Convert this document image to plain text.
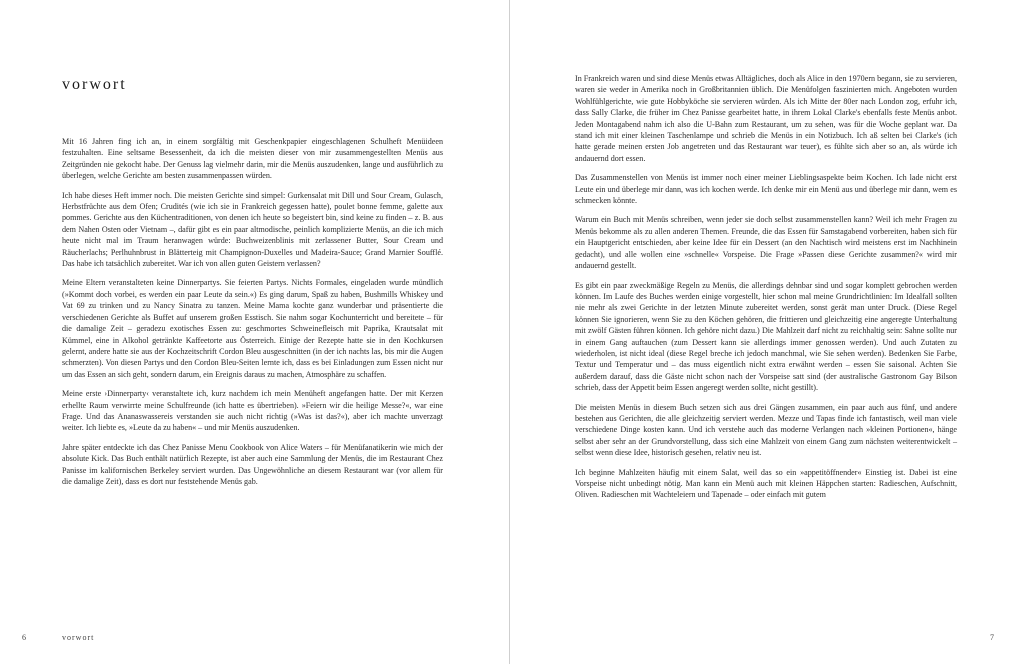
vorwort

Mit 16 Jahren fing ich an, in einem sorgfältig mit Geschenkpapier eingeschlagenen Schulheft Menüideen festzuhalten. Eine seltsame Besessenheit, da ich die meisten dieser von mir zusammengestellten Menüs aus Zeitgründen nie gekocht habe. Der Genuss lag vielmehr darin, mir die Menüs auszudenken, lange und ausführlich zu überlegen, welche Gerichte am besten zusammenpassen würden.

Ich habe dieses Heft immer noch. Die meisten Gerichte sind simpel: Gurkensalat mit Dill und Sour Cream, Gulasch, Herbstfrüchte aus dem Ofen; Crudités (wie ich sie in Frankreich gegessen hatte), poulet bonne femme, galette aux pommes. Gerichte aus den Küchentraditionen, von denen ich heute so begeistert bin, sind keine zu finden – z. B. aus dem Nahen Osten oder Vietnam –, dafür gibt es ein paar altmodische, peinlich komplizierte Menüs, an die ich mich heute nicht mal im Traum heranwagen würde: Buchweizenblinis mit zerlassener Butter, Sour Cream und Räucherlachs; Perlhuhnbrust in Blätterteig mit Champignon-Duxelles und Madeira-Sauce; Grand Marnier Soufflé. Das habe ich tatsächlich zubereitet. War ich von allen guten Geistern verlassen?

Meine Eltern veranstalteten keine Dinnerpartys. Sie feierten Partys. Nichts Formales, eingeladen wurde mündlich (»Kommt doch vorbei, es werden ein paar Leute da sein.«) Es ging darum, Spaß zu haben, Bushmills Whiskey und Vat 69 zu trinken und zu Nancy Sinatra zu tanzen. Meine Mama kochte ganz wunderbar und präsentierte die verschiedenen Gerichte als Buffet auf unserem großen Esstisch. Sie nahm sogar Kochunterricht und bereitete – für die damalige Zeit – geradezu exotisches Essen zu: geschmortes Schweinefleisch mit Paprika, Krautsalat mit Kümmel, eine in Alkohol getränkte Kaffeetorte aus Österreich. Einige der Rezepte hatte sie in den Kochkursen gelernt, andere hatte sie aus der Kochzeitschrift Cordon Bleu ausgeschnitten (in der ich nachts las, bis mir die Augen schmerzten). Von diesen Partys und den Cordon Bleu-Seiten lernte ich, dass es bei Einladungen zum Essen nicht nur um das Essen an sich geht, sondern darum, ein Ereignis daraus zu machen, Atmosphäre zu schaffen.

Meine erste ›Dinnerparty‹ veranstaltete ich, kurz nachdem ich mein Menüheft angefangen hatte. Der mit Kerzen erhellte Raum verwirrte meine Schulfreunde (ich hatte es übertrieben). »Feiern wir die heilige Messe?«, war eine Frage. Und das Ananaswassereis verstanden sie auch nicht richtig (»Was ist das?«), aber ich machte unverzagt weiter. Ich liebte es, »Leute da zu haben« – und mir Menüs auszudenken.

Jahre später entdeckte ich das Chez Panisse Menu Cookbook von Alice Waters – für Menüfanatikerin wie mich der absolute Kick. Das Buch enthält natürlich Rezepte, ist aber auch eine Sammlung der Menüs, die im Restaurant Chez Panisse im kalifornischen Berkeley serviert wurden. Das Ungewöhnliche an diesem Restaurant war (vor allem für die damalige Zeit), dass es dort nur feststehende Menüs gab.

6	vorwort

In Frankreich waren und sind diese Menüs etwas Alltägliches, doch als Alice in den 1970ern begann, sie zu servieren, waren sie weder in Amerika noch in Großbritannien üblich. Die Menüfolgen faszinierten mich. Angeboten wurden Wohlfühlgerichte, wie gute Hobbyköche sie servieren würden. Als ich Mitte der 80er nach London zog, erfuhr ich, dass Sally Clarke, die früher im Chez Panisse gearbeitet hatte, in ihrem Lokal Clarke's ebenfalls feste Menüs anbot. Jeden Montagabend nahm ich also die U-Bahn zum Restaurant, um zu sehen, was für die Woche geplant war. Da stand ich mit einer kleinen Taschenlampe und schrieb die Menüs in ein Notizbuch. Ich aß selten bei Clarke's (ich hatte gerade meinen ersten Job angetreten und das Restaurant war teuer), es fühlte sich aber so an, als würde ich andauernd dort essen.

Das Zusammenstellen von Menüs ist immer noch einer meiner Lieblingsaspekte beim Kochen. Ich lade nicht erst Leute ein und überlege mir dann, was ich kochen werde. Ich denke mir ein Menü aus und überlege mir dann, wem es schmecken könnte.

Warum ein Buch mit Menüs schreiben, wenn jeder sie doch selbst zusammenstellen kann? Weil ich mehr Fragen zu Menüs bekomme als zu allen anderen Themen. Freunde, die das Essen für Samstagabend vorbereiten, haben sich für ein Hauptgericht entschieden, aber keine Idee für ein Dessert (an den Nachtisch wird meistens erst im Nachhinein gedacht), und alle wollen eine »schnelle« Vorspeise. Die Frage »Passen diese Gerichte zusammen?« wird mir andauernd gestellt.

Es gibt ein paar zweckmäßige Regeln zu Menüs, die allerdings dehnbar sind und sogar komplett gebrochen werden können. Im Laufe des Buches werden einige vorgestellt, hier schon mal meine Grundrichtlinien: Im Idealfall sollten nie mehr als zwei Gerichte in der letzten Minute zubereitet werden, sonst gerät man unter Druck. (Diese Regel können Sie ignorieren, wenn Sie zu den Köchen gehören, die frittieren und gleichzeitig eine angeregte Unterhaltung mit zwölf Gästen führen können. Ich gehöre nicht dazu.) Die Mahlzeit darf nicht zu reichhaltig sein: Sahne sollte nur in einem Gang auftauchen (zum Dessert kann sie allerdings immer genossen werden). Und auch Zutaten zu wiederholen, ist nicht ideal (diese Regel breche ich jedoch manchmal, wie Sie sehen werden). Bedenken Sie Farbe, Textur und Temperatur und – das muss eigentlich nicht extra erwähnt werden – essen Sie saisonal. Achten Sie außerdem darauf, dass die Gäste nicht schon nach der Vorspeise satt sind (der australische Gastronom Gay Bilson schrieb, dass der Appetit beim Essen angeregt werden sollte, nicht gestillt).

Die meisten Menüs in diesem Buch setzen sich aus drei Gängen zusammen, ein paar auch aus fünf, und andere bestehen aus Gerichten, die alle gleichzeitig serviert werden. Mezze und Tapas finde ich fantastisch, weil man viele verschiedene Dinge kosten kann. Und ich verstehe auch das moderne Verlangen nach »kleinen Portionen«, hänge selbst aber sehr an der Grundvorstellung, dass sich eine Mahlzeit von einem Gang zum nächsten weiterentwickelt – selbst wenn diese Idee, historisch gesehen, relativ neu ist.

Ich beginne Mahlzeiten häufig mit einem Salat, weil das so ein »appetitöffnender« Einstieg ist. Dabei ist eine Vorspeise nicht unbedingt nötig. Man kann ein Menü auch mit kleinen Häppchen starten: Radieschen, Aufschnitt, Oliven. Radieschen mit Wachteleiern und Tapenade – oder einfach mit gutem

7
